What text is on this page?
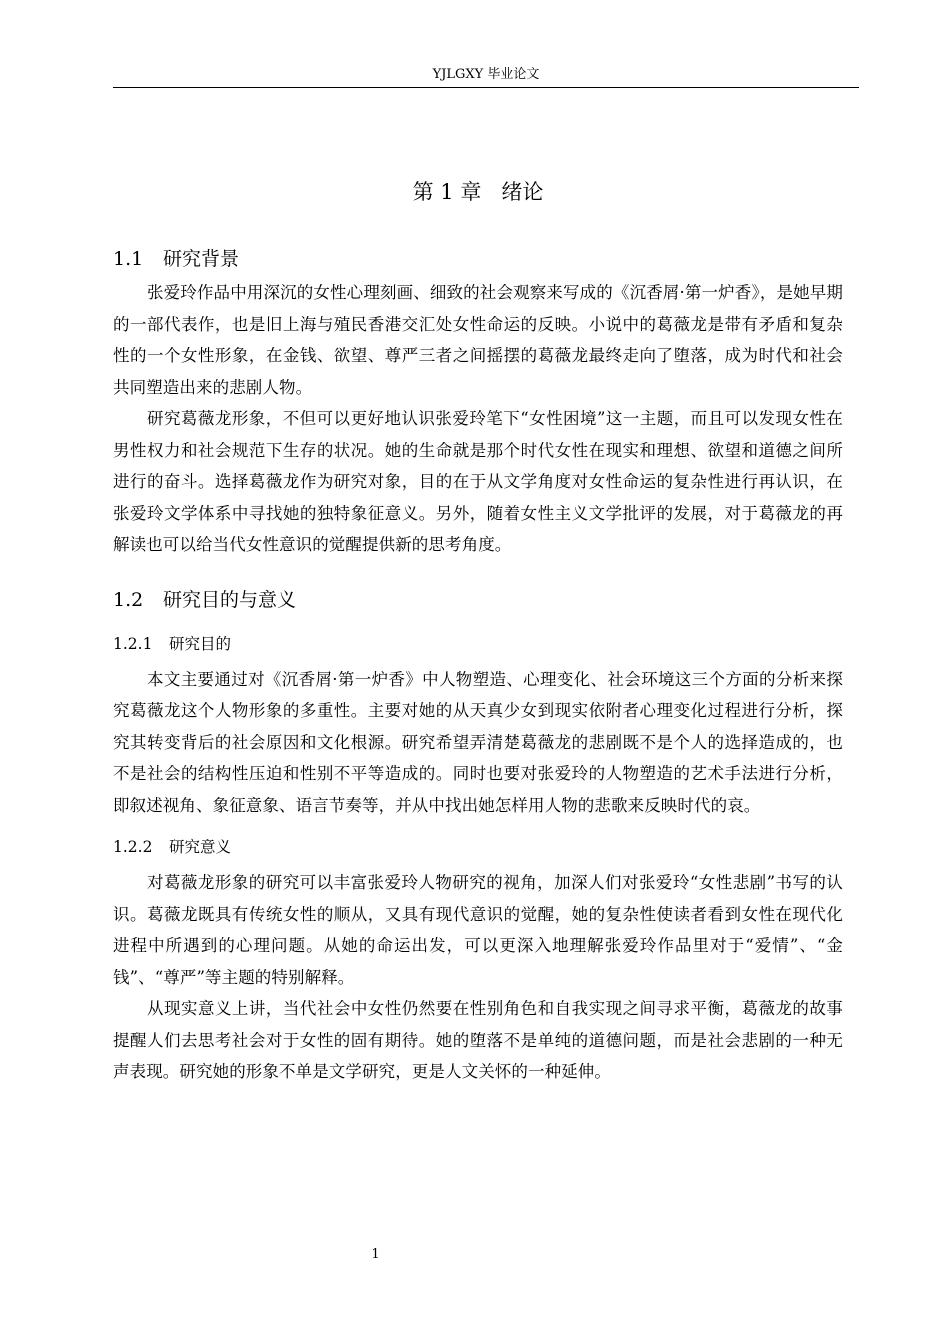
YJLGXY 毕业论文
第 1 章 绪论
1.1 研究背景

张爱玲作品中用深沉的女性心理刻画、细致的社会观察来写成的《沉香屑·第一炉香》，是她早期的一部代表作，也是旧上海与殖民香港交汇处女性命运的反映。小说中的葛薇龙是带有矛盾和复杂性的一个女性形象，在金钱、欲望、尊严三者之间摇摆的葛薇龙最终走向了堕落，成为时代和社会共同塑造出来的悲剧人物。

研究葛薇龙形象，不但可以更好地认识张爱玲笔下“女性困境”这一主题，而且可以发现女性在男性权力和社会规范下生存的状况。她的生命就是那个时代女性在现实和理想、欲望和道德之间所进行的奋斗。选择葛薇龙作为研究对象，目的在于从文学角度对女性命运的复杂性进行再认识，在张爱玲文学体系中寻找她的独特象征意义。另外，随着女性主义文学批评的发展，对于葛薇龙的再解读也可以给当代女性意识的觉醒提供新的思考角度。

1.2 研究目的与意义
1.2.1 研究目的

本文主要通过对《沉香屑·第一炉香》中人物塑造、心理变化、社会环境这三个方面的分析来探究葛薇龙这个人物形象的多重性。主要对她的从天真少女到现实依附者心理变化过程进行分析，探究其转变背后的社会原因和文化根源。研究希望弄清楚葛薇龙的悲剧既不是个人的选择造成的，也不是社会的结构性压迫和性别不平等造成的。同时也要对张爱玲的人物塑造的艺术手法进行分析，即叙述视角、象征意象、语言节奏等，并从中找出她怎样用人物的悲歌来反映时代的哀。

1.2.2 研究意义

对葛薇龙形象的研究可以丰富张爱玲人物研究的视角，加深人们对张爱玲“女性悲剧”书写的认识。葛薇龙既具有传统女性的顺从，又具有现代意识的觉醒，她的复杂性使读者看到女性在现代化进程中所遇到的心理问题。从她的命运出发，可以更深入地理解张爱玲作品里对于“爱情”、“金钱”、“尊严”等主题的特别解释。

从现实意义上讲，当代社会中女性仍然要在性别角色和自我实现之间寻求平衡，葛薇龙的故事提醒人们去思考社会对于女性的固有期待。她的堕落不是单纯的道德问题，而是社会悲剧的一种无声表现。研究她的形象不单是文学研究，更是人文关怀的一种延伸。

1
